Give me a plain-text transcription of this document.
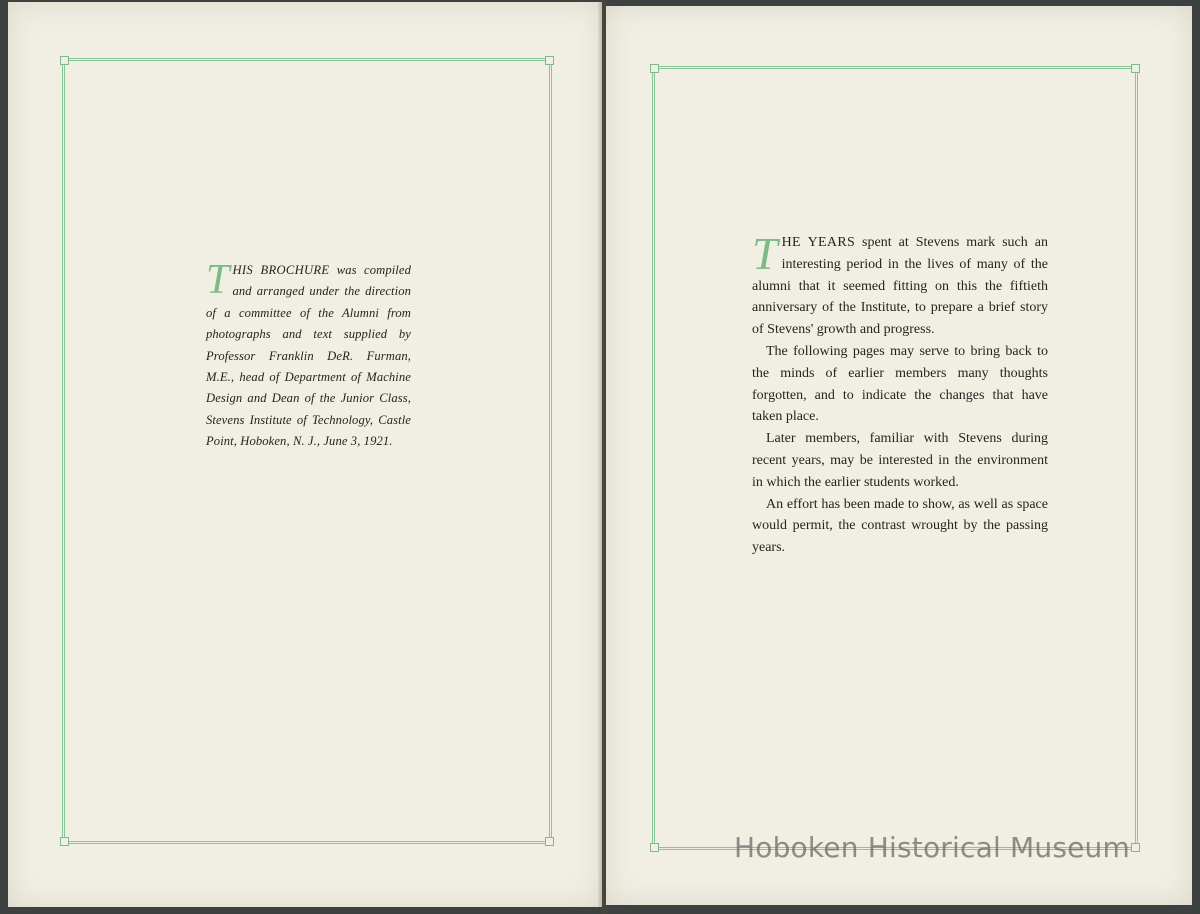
THIS BROCHURE was compiled and arranged under the direction of a committee of the Alumni from photographs and text supplied by Professor Franklin DeR. Furman, M.E., head of Department of Machine Design and Dean of the Junior Class, Stevens Institute of Technology, Castle Point, Hoboken, N. J., June 3, 1921.

THE YEARS spent at Stevens mark such an interesting period in the lives of many of the alumni that it seemed fitting on this the fiftieth anniversary of the Institute, to prepare a brief story of Stevens' growth and progress.

The following pages may serve to bring back to the minds of earlier members many thoughts forgotten, and to indicate the changes that have taken place.

Later members, familiar with Stevens during recent years, may be interested in the environment in which the earlier students worked.

An effort has been made to show, as well as space would permit, the contrast wrought by the passing years.

Hoboken Historical Museum
